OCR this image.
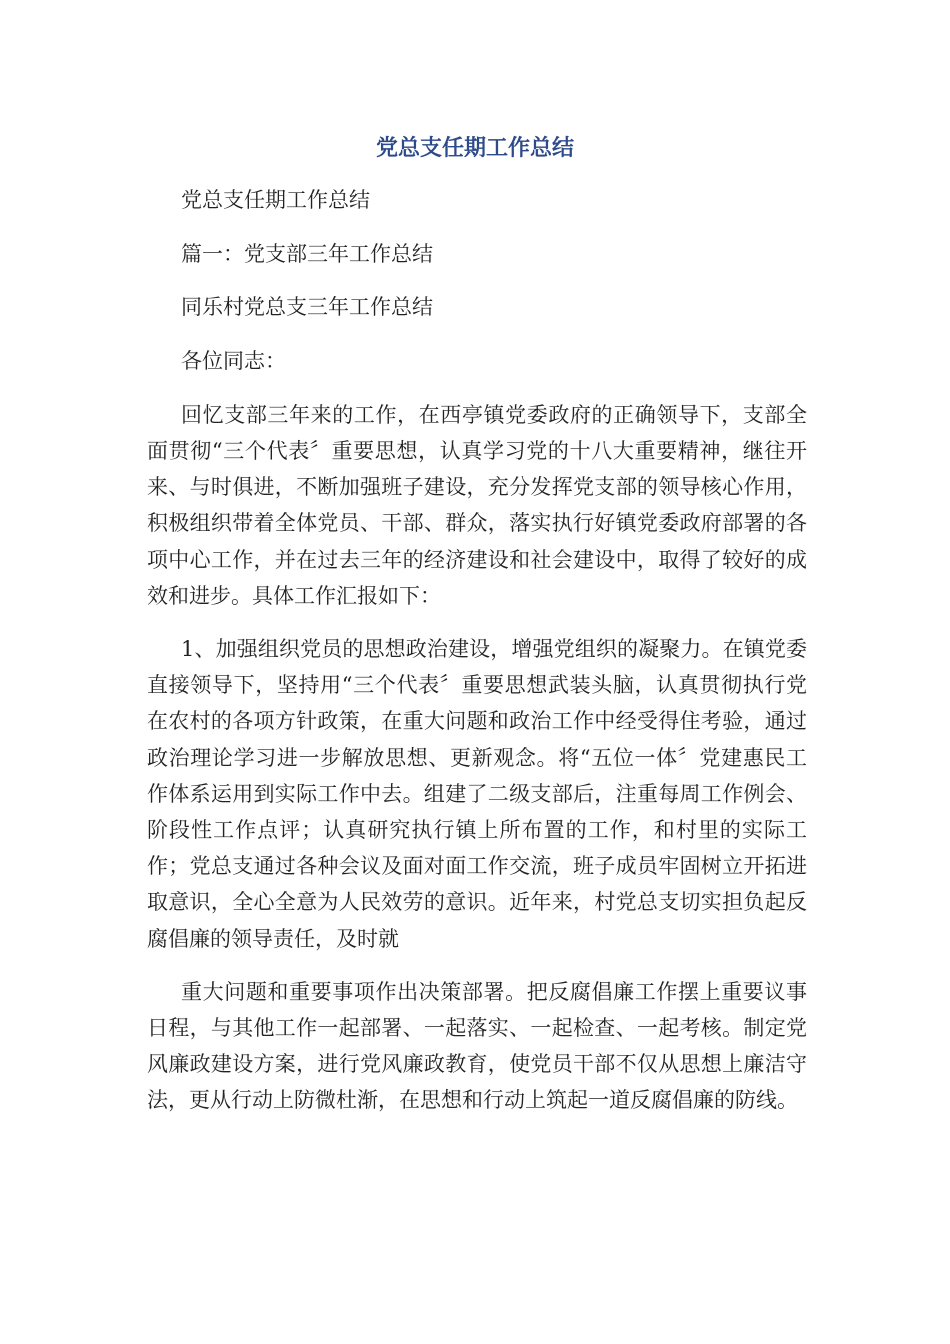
党总支任期工作总结

党总支任期工作总结

篇一：党支部三年工作总结

同乐村党总支三年工作总结

各位同志：

回忆支部三年来的工作，在西亭镇党委政府的正确领导下，支部全面贯彻“三个代表〞重要思想，认真学习党的十八大重要精神，继往开来、与时俱进，不断加强班子建设，充分发挥党支部的领导核心作用，积极组织带着全体党员、干部、群众，落实执行好镇党委政府部署的各项中心工作，并在过去三年的经济建设和社会建设中，取得了较好的成效和进步。具体工作汇报如下：

1、加强组织党员的思想政治建设，增强党组织的凝聚力。在镇党委直接领导下，坚持用“三个代表〞重要思想武装头脑，认真贯彻执行党在农村的各项方针政策，在重大问题和政治工作中经受得住考验，通过政治理论学习进一步解放思想、更新观念。将“五位一体〞党建惠民工作体系运用到实际工作中去。组建了二级支部后，注重每周工作例会、阶段性工作点评；认真研究执行镇上所布置的工作，和村里的实际工作；党总支通过各种会议及面对面工作交流，班子成员牢固树立开拓进取意识，全心全意为人民效劳的意识。近年来，村党总支切实担负起反腐倡廉的领导责任，及时就

重大问题和重要事项作出决策部署。把反腐倡廉工作摆上重要议事日程，与其他工作一起部署、一起落实、一起检查、一起考核。制定党风廉政建设方案，进行党风廉政教育，使党员干部不仅从思想上廉洁守法，更从行动上防微杜渐，在思想和行动上筑起一道反腐倡廉的防线。
